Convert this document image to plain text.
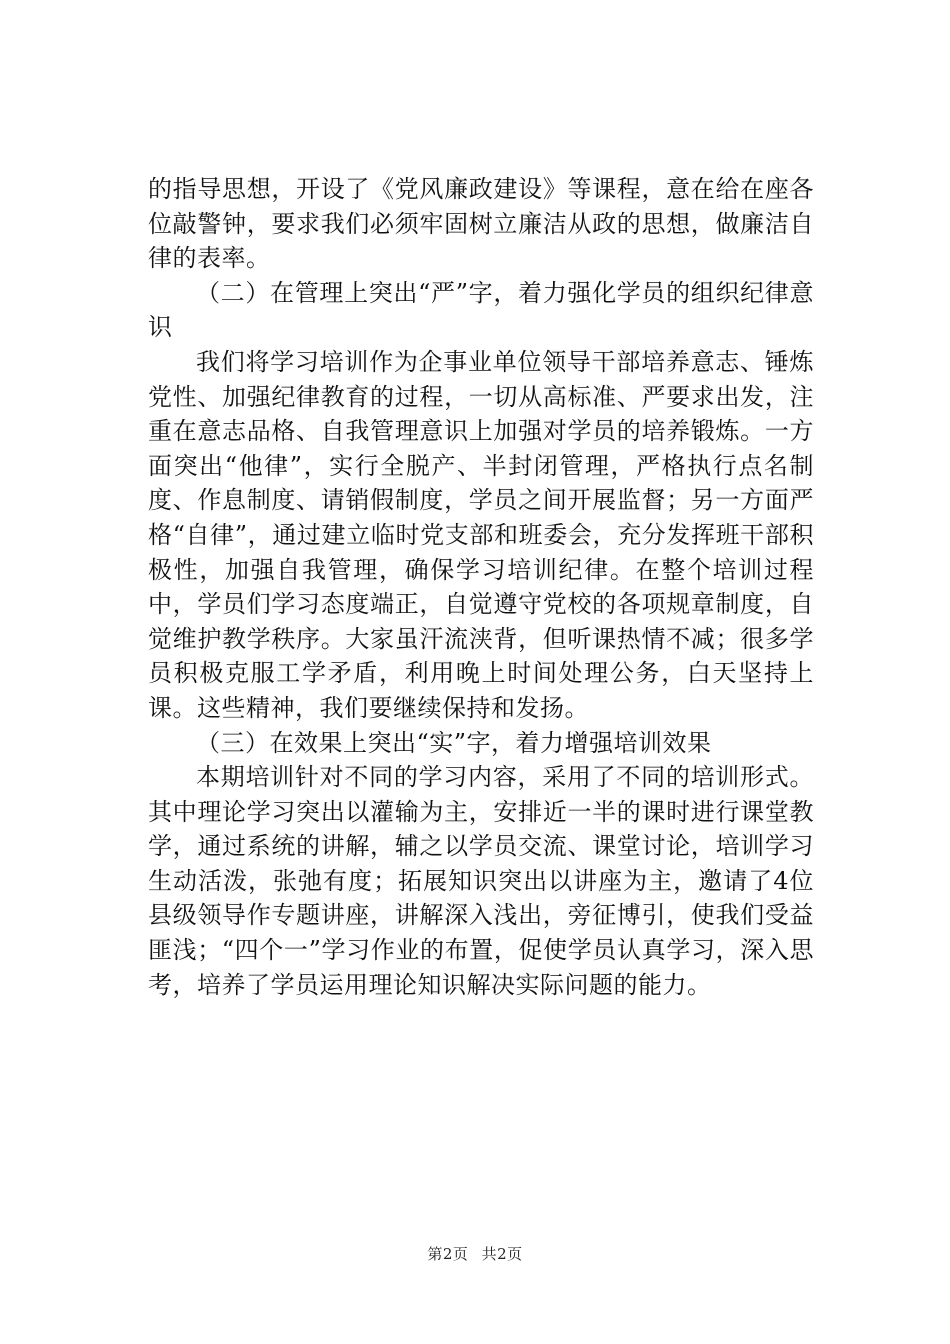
的指导思想，开设了《党风廉政建设》等课程，意在给在座各位敲警钟，要求我们必须牢固树立廉洁从政的思想，做廉洁自律的表率。

（二）在管理上突出“严”字，着力强化学员的组织纪律意识

我们将学习培训作为企事业单位领导干部培养意志、锤炼党性、加强纪律教育的过程，一切从高标准、严要求出发，注重在意志品格、自我管理意识上加强对学员的培养锻炼。一方面突出“他律”，实行全脱产、半封闭管理，严格执行点名制度、作息制度、请销假制度，学员之间开展监督；另一方面严格“自律”，通过建立临时党支部和班委会，充分发挥班干部积极性，加强自我管理，确保学习培训纪律。在整个培训过程中，学员们学习态度端正，自觉遵守党校的各项规章制度，自觉维护教学秩序。大家虽汗流浃背，但听课热情不减；很多学员积极克服工学矛盾，利用晚上时间处理公务，白天坚持上课。这些精神，我们要继续保持和发扬。

（三）在效果上突出“实”字，着力增强培训效果

本期培训针对不同的学习内容，采用了不同的培训形式。其中理论学习突出以灌输为主，安排近一半的课时进行课堂教学，通过系统的讲解，辅之以学员交流、课堂讨论，培训学习生动活泼，张弛有度；拓展知识突出以讲座为主，邀请了4位县级领导作专题讲座，讲解深入浅出，旁征博引，使我们受益匪浅；“四个一”学习作业的布置，促使学员认真学习，深入思考，培养了学员运用理论知识解决实际问题的能力。

第2页 共2页
